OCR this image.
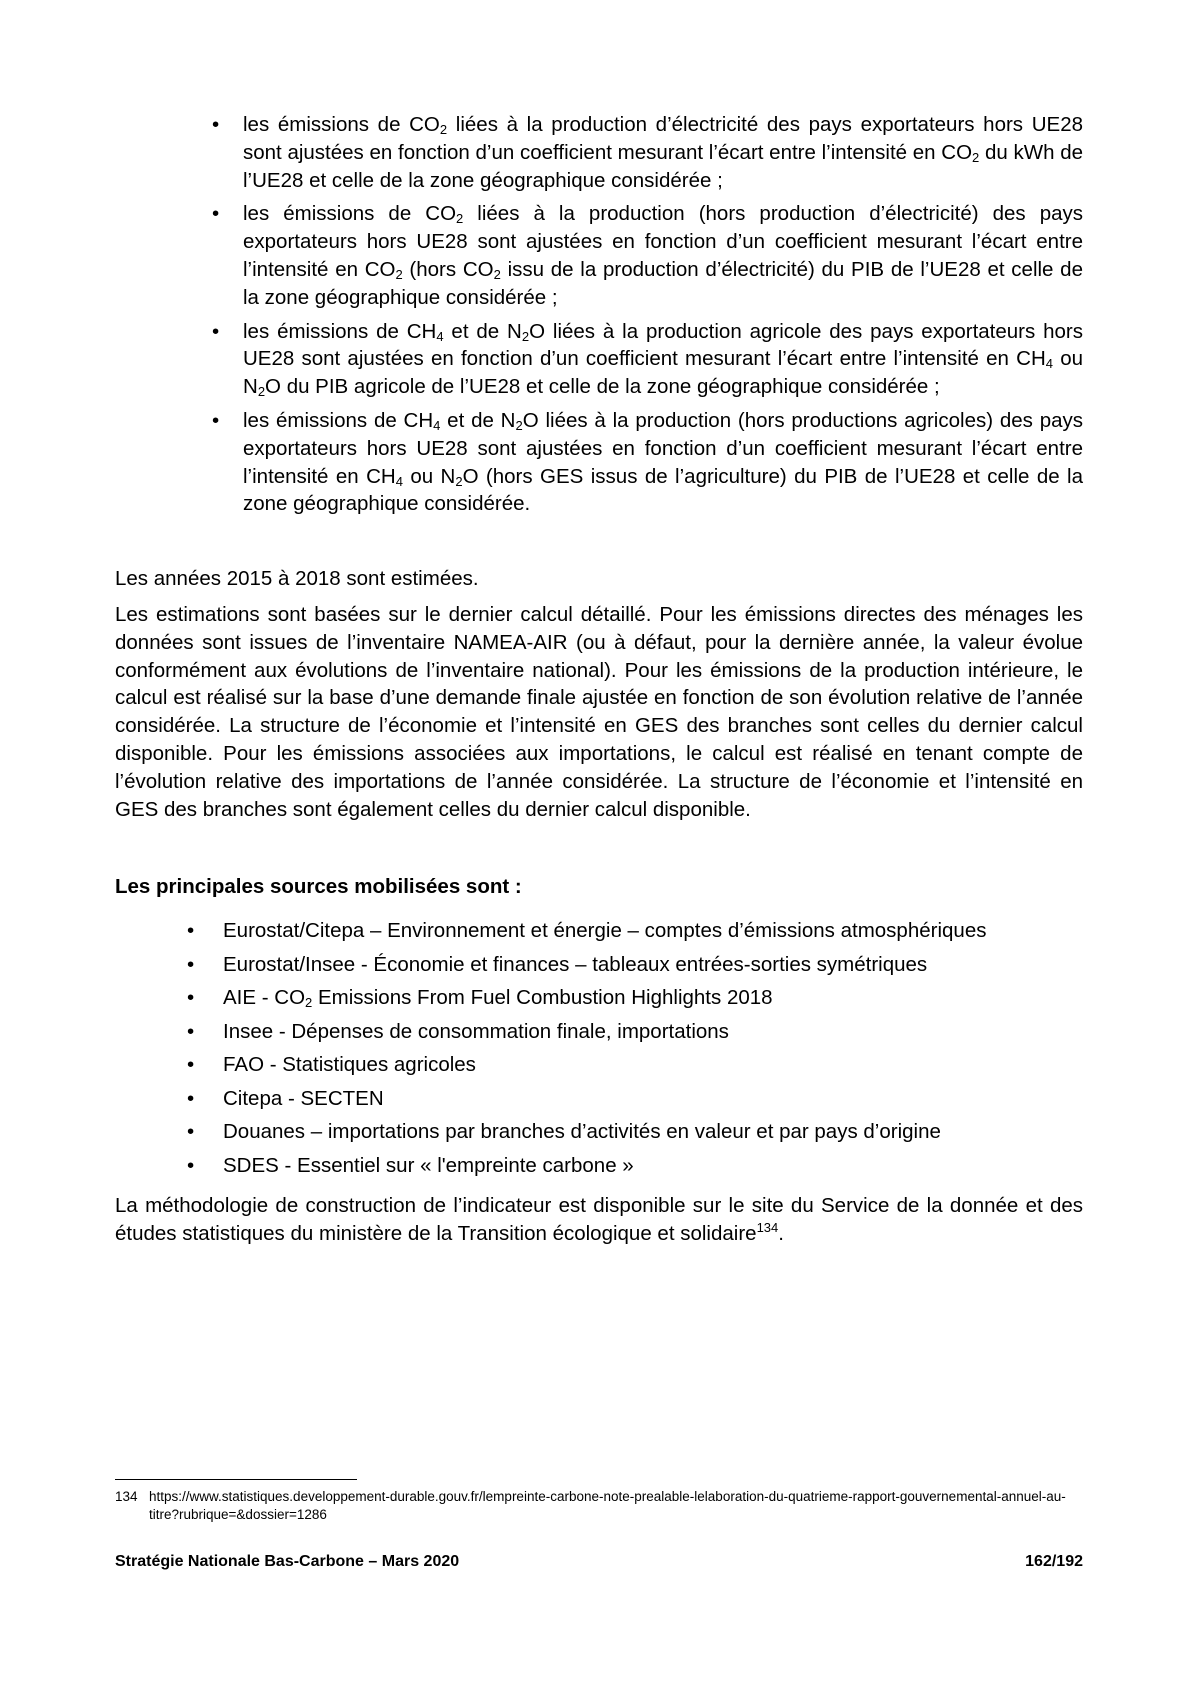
• les émissions de $CO_2$ liées à la production d’électricité des pays exportateurs hors UE28 sont ajustées en fonction d’un coefficient mesurant l’écart entre l’intensité en $CO_2$ du kWh de l’UE28 et celle de la zone géographique considérée ;
• les émissions de $CO_2$ liées à la production (hors production d’électricité) des pays exportateurs hors UE28 sont ajustées en fonction d’un coefficient mesurant l’écart entre l’intensité en $CO_2$ (hors $CO_2$ issu de la production d’électricité) du PIB de l’UE28 et celle de la zone géographique considérée ;
• les émissions de $CH_4$ et de $N_2O$ liées à la production agricole des pays exportateurs hors UE28 sont ajustées en fonction d’un coefficient mesurant l’écart entre l’intensité en $CH_4$ ou $N_2O$ du PIB agricole de l’UE28 et celle de la zone géographique considérée ;
• les émissions de $CH_4$ et de $N_2O$ liées à la production (hors productions agricoles) des pays exportateurs hors UE28 sont ajustées en fonction d’un coefficient mesurant l’écart entre l’intensité en $CH_4$ ou $N_2O$ (hors GES issus de l’agriculture) du PIB de l’UE28 et celle de la zone géographique considérée.

Les années 2015 à 2018 sont estimées.

Les estimations sont basées sur le dernier calcul détaillé. Pour les émissions directes des ménages les données sont issues de l’inventaire NAMEA-AIR (ou à défaut, pour la dernière année, la valeur évolue conformément aux évolutions de l’inventaire national). Pour les émissions de la production intérieure, le calcul est réalisé sur la base d’une demande finale ajustée en fonction de son évolution relative de l’année considérée. La structure de l’économie et l’intensité en GES des branches sont celles du dernier calcul disponible. Pour les émissions associées aux importations, le calcul est réalisé en tenant compte de l’évolution relative des importations de l’année considérée. La structure de l’économie et l’intensité en GES des branches sont également celles du dernier calcul disponible.

Les principales sources mobilisées sont :
• Eurostat/Citepa – Environnement et énergie – comptes d’émissions atmosphériques
• Eurostat/Insee - Économie et finances – tableaux entrées-sorties symétriques
• AIE - $CO_2$ Emissions From Fuel Combustion Highlights 2018
• Insee - Dépenses de consommation finale, importations
• FAO - Statistiques agricoles
• Citepa - SECTEN
• Douanes – importations par branches d’activités en valeur et par pays d’origine
• SDES - Essentiel sur « l'empreinte carbone »

La méthodologie de construction de l’indicateur est disponible sur le site du Service de la donnée et des études statistiques du ministère de la Transition écologique et solidaire$^{134}$.

134 https://www.statistiques.developpement-durable.gouv.fr/lempreinte-carbone-note-prealable-lelaboration-du-quatrieme-rapport-gouvernemental-annuel-au-titre?rubrique=&dossier=1286
Stratégie Nationale Bas-Carbone – Mars 2020	162/192
